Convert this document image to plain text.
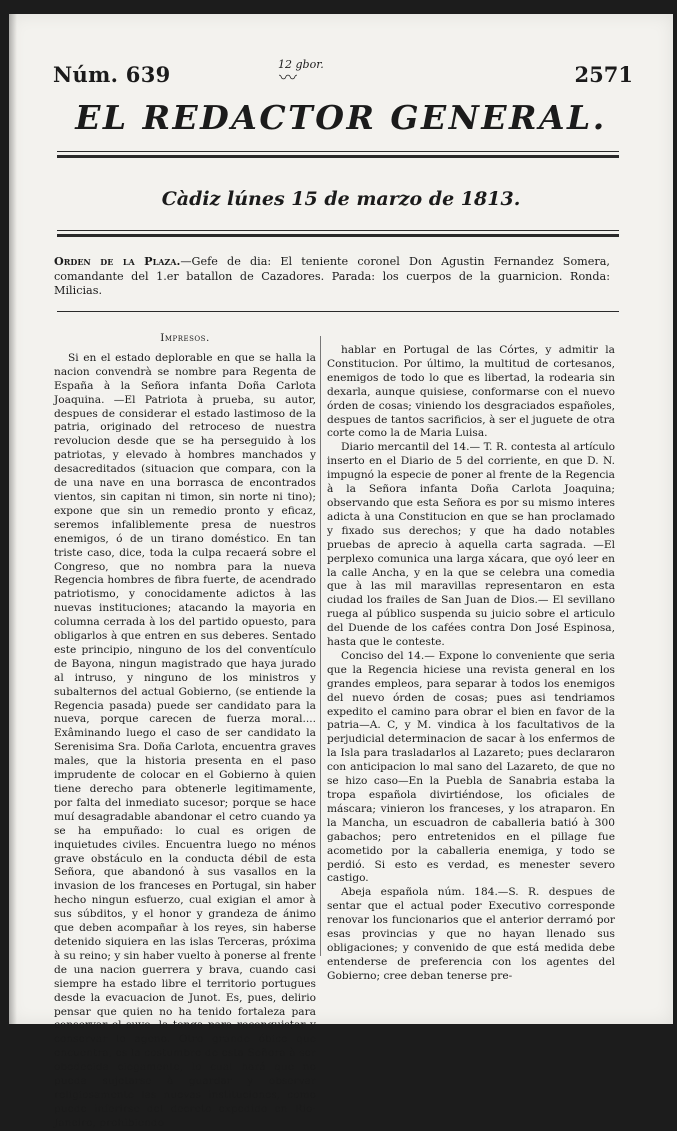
Núm. 639	12 gbor.
〰	2571
EL REDACTOR GENERAL.
Càdiz lúnes 15 de marzo de 1813.
Orden de la Plaza.—Gefe de dia: El teniente coronel Don Agustin Fernandez Somera, comandante del 1.er batallon de Cazadores. Parada: los cuerpos de la guarnicion. Ronda: Milicias.
Impresos.

Si en el estado deplorable en que se halla la nacion convendrà se nombre para Regenta de España à la Señora infanta Doña Carlota Joaquina. —El Patriota à prueba, su autor, despues de considerar el estado lastimoso de la patria, originado del retroceso de nuestra revolucion desde que se ha perseguido à los patriotas, y elevado à hombres manchados y desacreditados (situacion que compara, con la de una nave en una borrasca de encontrados vientos, sin capitan ni timon, sin norte ni tino); expone que sin un remedio pronto y eficaz, seremos infaliblemente presa de nuestros enemigos, ó de un tirano doméstico. En tan triste caso, dice, toda la culpa recaerá sobre el Congreso, que no nombra para la nueva Regencia hombres de fibra fuerte, de acendrado patriotismo, y conocidamente adictos à las nuevas instituciones; atacando la mayoria en columna cerrada à los del partido opuesto, para obligarlos à que entren en sus deberes. Sentado este principio, ninguno de los del conventículo de Bayona, ningun magistrado que haya jurado al intruso, y ninguno de los ministros y subalternos del actual Gobierno, (se entiende la Regencia pasada) puede ser candidato para la nueva, porque carecen de fuerza moral.... Exâminando luego el caso de ser candidato la Serenisima Sra. Doña Carlota, encuentra graves males, que la historia presenta en el paso imprudente de colocar en el Gobierno à quien tiene derecho para obtenerle legitimamente, por falta del inmediato sucesor; porque se hace muí desagradable abandonar el cetro cuando ya se ha empuñado: lo cual es origen de inquietudes civiles. Encuentra luego no ménos grave obstáculo en la conducta débil de esta Señora, que abandonó à sus vasallos en la invasion de los franceses en Portugal, sin haber hecho ningun esfuerzo, cual exigian el amor à sus súbditos, y el honor y grandeza de ánimo que deben acompañar à los reyes, sin haberse detenido siquiera en las islas Terceras, próxima à su reino; y sin haber vuelto à ponerse al frente de una nacion guerrera y brava, cuando casi siempre ha estado libre el territorio portugues desde la evacuacion de Junot. Es, pues, delirio pensar que quien no ha tenido fortaleza para conservar el suyo, la tenga para reconquistar y conservar lo ageno. Otro grande óbice que encuentra, es la costumbre de esta Señora à ser obedecida ciegamente, lo cual hará que no pueda sujetarse à guardar y observar religiosamente las nuevas instituciones, como puede inferirse del decreto expedido en Rio-Janeiro, prohibiendo

hablar en Portugal de las Córtes, y admitir la Constitucion. Por último, la multitud de cortesanos, enemigos de todo lo que es libertad, la rodearia sin dexarla, aunque quisiese, conformarse con el nuevo órden de cosas; viniendo los desgraciados españoles, despues de tantos sacrificios, à ser el juguete de otra corte como la de Maria Luisa.

Diario mercantil del 14.— T. R. contesta al artículo inserto en el Diario de 5 del corriente, en que D. N. impugnó la especie de poner al frente de la Regencia à la Señora infanta Doña Carlota Joaquina; observando que esta Señora es por su mismo interes adicta à una Constitucion en que se han proclamado y fixado sus derechos; y que ha dado notables pruebas de aprecio à aquella carta sagrada. —El perplexo comunica una larga xácara, que oyó leer en la calle Ancha, y en la que se celebra una comedia que à las mil maravillas representaron en esta ciudad los frailes de San Juan de Dios.— El sevillano ruega al público suspenda su juicio sobre el articulo del Duende de los cafées contra Don José Espinosa, hasta que le conteste.

Conciso del 14.— Expone lo conveniente que seria que la Regencia hiciese una revista general en los grandes empleos, para separar à todos los enemigos del nuevo órden de cosas; pues asi tendriamos expedito el camino para obrar el bien en favor de la patria—A. C, y M. vindica à los facultativos de la perjudicial determinacion de sacar à los enfermos de la Isla para trasladarlos al Lazareto; pues declararon con anticipacion lo mal sano del Lazareto, de que no se hizo caso—En la Puebla de Sanabria estaba la tropa española divirtiéndose, los oficiales de máscara; vinieron los franceses, y los atraparon. En la Mancha, un escuadron de caballeria batió à 300 gabachos; pero entretenidos en el pillage fue acometido por la caballeria enemiga, y todo se perdió. Si esto es verdad, es menester severo castigo.

Abeja española núm. 184.—S. R. despues de sentar que el actual poder Executivo corresponde renovar los funcionarios que el anterior derramó por esas provincias y que no hayan llenado sus obligaciones; y convenido de que está medida debe entenderse de preferencia con los agentes del Gobierno; cree deban tenerse pre-
